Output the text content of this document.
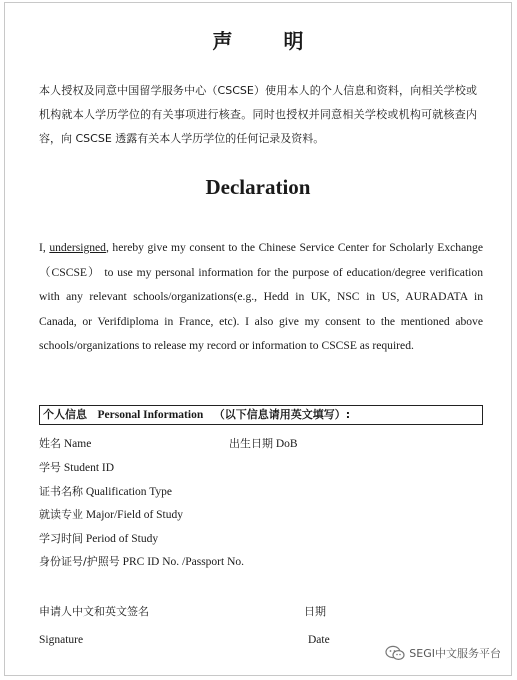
声 明
本人授权及同意中国留学服务中心（CSCSE）使用本人的个人信息和资料，向相关学校或机构就本人学历学位的有关事项进行核查。同时也授权并同意相关学校或机构可就核查内容，向 CSCSE 透露有关本人学历学位的任何记录及资料。
Declaration
I, undersigned, hereby give my consent to the Chinese Service Center for Scholarly Exchange （CSCSE） to use my personal information for the purpose of education/degree verification with any relevant schools/organizations(e.g., Hedd in UK, NSC in US, AURADATA in Canada, or Verifdiploma in France, etc). I also give my consent to the mentioned above schools/organizations to release my record or information to CSCSE as required.
个人信息 Personal Information （以下信息请用英文填写）:
姓名 Name	出生日期 DoB
学号 Student ID
证书名称 Qualification Type
就读专业 Major/Field of Study
学习时间 Period of Study
身份证号/护照号 PRC ID No. /Passport No.
申请人中文和英文签名	日期
Signature	Date
SEGI中文服务平台
